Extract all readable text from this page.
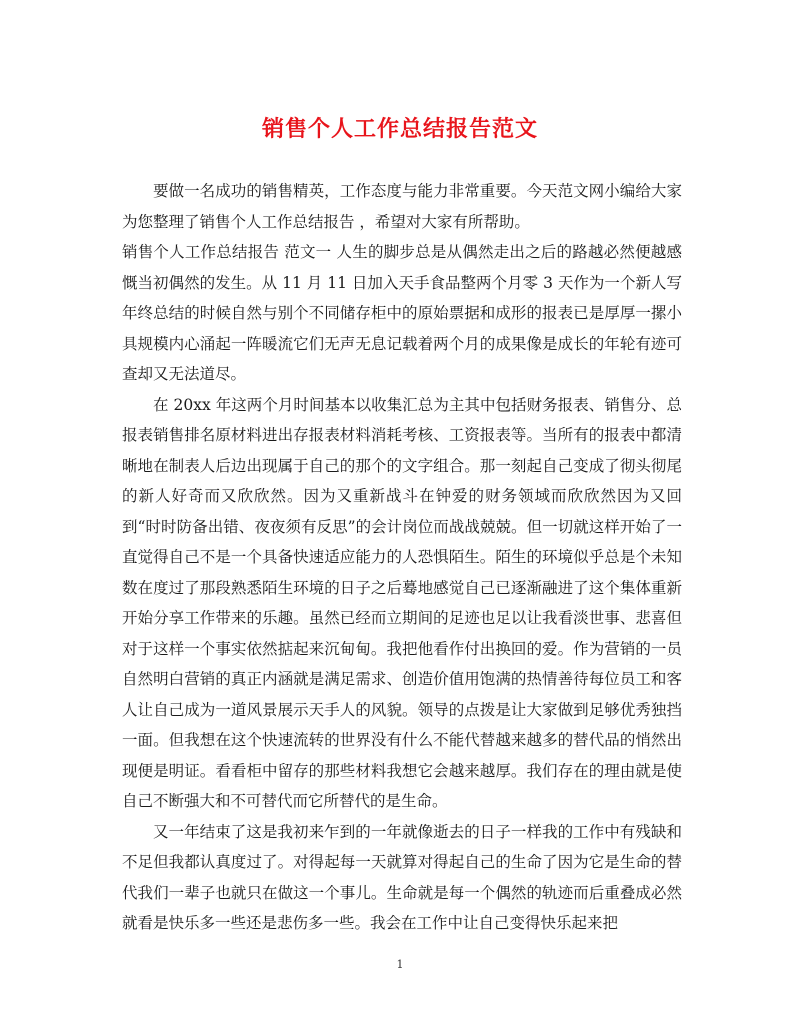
销售个人工作总结报告范文

要做一名成功的销售精英，工作态度与能力非常重要。今天范文网小编给大家为您整理了销售个人工作总结报告 ，希望对大家有所帮助。

销售个人工作总结报告 范文一 人生的脚步总是从偶然走出之后的路越必然便越感慨当初偶然的发生。从 11 月 11 日加入天手食品整两个月零 3 天作为一个新人写年终总结的时候自然与别个不同储存柜中的原始票据和成形的报表已是厚厚一摞小具规模内心涌起一阵暖流它们无声无息记载着两个月的成果像是成长的年轮有迹可查却又无法道尽。

在 20xx 年这两个月时间基本以收集汇总为主其中包括财务报表、销售分、总报表销售排名原材料进出存报表材料消耗考核、工资报表等。当所有的报表中都清晰地在制表人后边出现属于自己的那个的文字组合。那一刻起自己变成了彻头彻尾的新人好奇而又欣欣然。因为又重新战斗在钟爱的财务领域而欣欣然因为又回到“时时防备出错、夜夜须有反思”的会计岗位而战战兢兢。但一切就这样开始了一直觉得自己不是一个具备快速适应能力的人恐惧陌生。陌生的环境似乎总是个未知数在度过了那段熟悉陌生环境的日子之后蓦地感觉自己已逐渐融进了这个集体重新开始分享工作带来的乐趣。虽然已经而立期间的足迹也足以让我看淡世事、悲喜但对于这样一个事实依然掂起来沉甸甸。我把他看作付出换回的爱。作为营销的一员自然明白营销的真正内涵就是满足需求、创造价值用饱满的热情善待每位员工和客人让自己成为一道风景展示天手人的风貌。领导的点拨是让大家做到足够优秀独挡一面。但我想在这个快速流转的世界没有什么不能代替越来越多的替代品的悄然出现便是明证。看看柜中留存的那些材料我想它会越来越厚。我们存在的理由就是使自己不断强大和不可替代而它所替代的是生命。

又一年结束了这是我初来乍到的一年就像逝去的日子一样我的工作中有残缺和不足但我都认真度过了。对得起每一天就算对得起自己的生命了因为它是生命的替代我们一辈子也就只在做这一个事儿。生命就是每一个偶然的轨迹而后重叠成必然就看是快乐多一些还是悲伤多一些。我会在工作中让自己变得快乐起来把

1
